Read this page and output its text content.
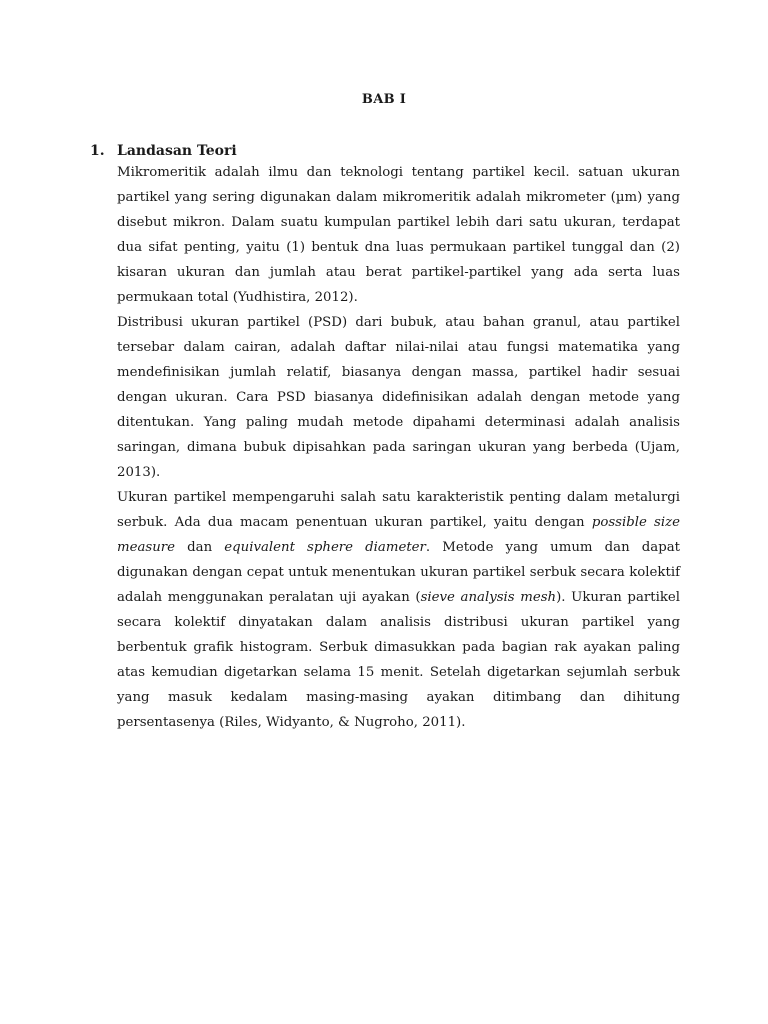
BAB I
1. Landasan Teori

Mikromeritik adalah ilmu dan teknologi tentang partikel kecil. satuan ukuran partikel yang sering digunakan dalam mikromeritik adalah mikrometer (µm) yang disebut mikron. Dalam suatu kumpulan partikel lebih dari satu ukuran, terdapat dua sifat penting, yaitu (1) bentuk dna luas permukaan partikel tunggal dan (2) kisaran ukuran dan jumlah atau berat partikel-partikel yang ada serta luas permukaan total (Yudhistira, 2012).

Distribusi ukuran partikel (PSD) dari bubuk, atau bahan granul, atau partikel tersebar dalam cairan, adalah daftar nilai-nilai atau fungsi matematika yang mendefinisikan jumlah relatif, biasanya dengan massa, partikel hadir sesuai dengan ukuran. Cara PSD biasanya didefinisikan adalah dengan metode yang ditentukan. Yang paling mudah metode dipahami determinasi adalah analisis saringan, dimana bubuk dipisahkan pada saringan ukuran yang berbeda (Ujam, 2013).

Ukuran partikel mempengaruhi salah satu karakteristik penting dalam metalurgi serbuk. Ada dua macam penentuan ukuran partikel, yaitu dengan possible size measure dan equivalent sphere diameter. Metode yang umum dan dapat digunakan dengan cepat untuk menentukan ukuran partikel serbuk secara kolektif adalah menggunakan peralatan uji ayakan (sieve analysis mesh). Ukuran partikel secara kolektif dinyatakan dalam analisis distribusi ukuran partikel yang berbentuk grafik histogram. Serbuk dimasukkan pada bagian rak ayakan paling atas kemudian digetarkan selama 15 menit. Setelah digetarkan sejumlah serbuk yang masuk kedalam masing-masing ayakan ditimbang dan dihitung persentasenya (Riles, Widyanto, & Nugroho, 2011).
